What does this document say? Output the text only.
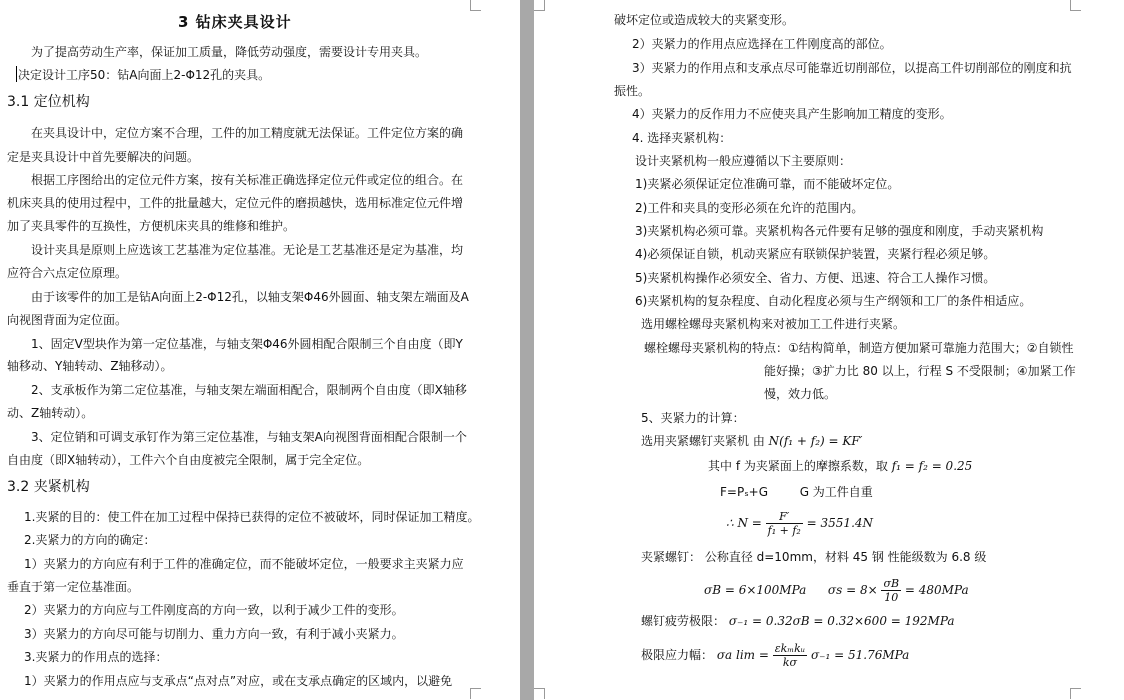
3 钻床夹具设计
为了提高劳动生产率，保证加工质量，降低劳动强度，需要设计专用夹具。
决定设计工序50：钻A向面上2-Φ12孔的夹具。
3.1 定位机构
在夹具设计中，定位方案不合理，工件的加工精度就无法保证。工件定位方案的确
定是夹具设计中首先要解决的问题。
根据工序图给出的定位元件方案，按有关标准正确选择定位元件或定位的组合。在
机床夹具的使用过程中，工件的批量越大，定位元件的磨损越快，选用标准定位元件增
加了夹具零件的互换性，方便机床夹具的维修和维护。
设计夹具是原则上应选该工艺基准为定位基准。无论是工艺基准还是定为基准，均
应符合六点定位原理。
由于该零件的加工是钻A向面上2-Φ12孔，以轴支架Φ46外圆面、轴支架左端面及A
向视图背面为定位面。
1、固定V型块作为第一定位基准，与轴支架Φ46外圆相配合限制三个自由度（即Y
轴移动、Y轴转动、Z轴移动）。
2、支承板作为第二定位基准，与轴支架左端面相配合，限制两个自由度（即X轴移
动、Z轴转动）。
3、定位销和可调支承钉作为第三定位基准，与轴支架A向视图背面相配合限制一个
自由度（即X轴转动），工件六个自由度被完全限制，属于完全定位。
3.2 夹紧机构
1.夹紧的目的：使工件在加工过程中保持已获得的定位不被破坏，同时保证加工精度。
2.夹紧力的方向的确定：
1）夹紧力的方向应有利于工件的准确定位，而不能破坏定位，一般要求主夹紧力应
垂直于第一定位基准面。
2）夹紧力的方向应与工件刚度高的方向一致，以利于减少工件的变形。
3）夹紧力的方向尽可能与切削力、重力方向一致，有利于减小夹紧力。
3.夹紧力的作用点的选择：
1）夹紧力的作用点应与支承点“点对点”对应，或在支承点确定的区域内，以避免
破坏定位或造成较大的夹紧变形。
2）夹紧力的作用点应选择在工件刚度高的部位。
3）夹紧力的作用点和支承点尽可能靠近切削部位，以提高工件切削部位的刚度和抗
振性。
4）夹紧力的反作用力不应使夹具产生影响加工精度的变形。
4. 选择夹紧机构：
设计夹紧机构一般应遵循以下主要原则：
1)夹紧必须保证定位准确可靠，而不能破坏定位。
2)工件和夹具的变形必须在允许的范围内。
3)夹紧机构必须可靠。夹紧机构各元件要有足够的强度和刚度，手动夹紧机构
4)必须保证自锁，机动夹紧应有联锁保护装置，夹紧行程必须足够。
5)夹紧机构操作必须安全、省力、方便、迅速、符合工人操作习惯。
6)夹紧机构的复杂程度、自动化程度必须与生产纲领和工厂的条件相适应。
选用螺栓螺母夹紧机构来对被加工工件进行夹紧。
螺栓螺母夹紧机构的特点：①结构简单，制造方便加紧可靠施力范围大；②自锁性
能好操；③扩力比 80 以上，行程 S 不受限制；④加紧工作
慢，效力低。
5、夹紧力的计算：
选用夹紧螺钉夹紧机 由 N(f₁ + f₂) = KF′
其中 f 为夹紧面上的摩擦系数，取 f₁ = f₂ = 0.25
F=Pₛ+G	G 为工件自重
∴ $N = \frac{F'}{\text{f₁ + f₂}} = 3551.4N$
夹紧螺钉： 公称直径 d=10mm，材料 45 钢 性能级数为 6.8 级
σB = 6×100MPa $\sigma s = 8\times \frac{\sigma B}{10} = 480MPa$
螺钉疲劳极限： σ₋₁ = 0.32σB = 0.32×600 = 192MPa
极限应力幅： σa $\lim = \frac{\text{εkₘkᵤ}}{k\sigma} \sigma_{-1} = 51.76MPa$
